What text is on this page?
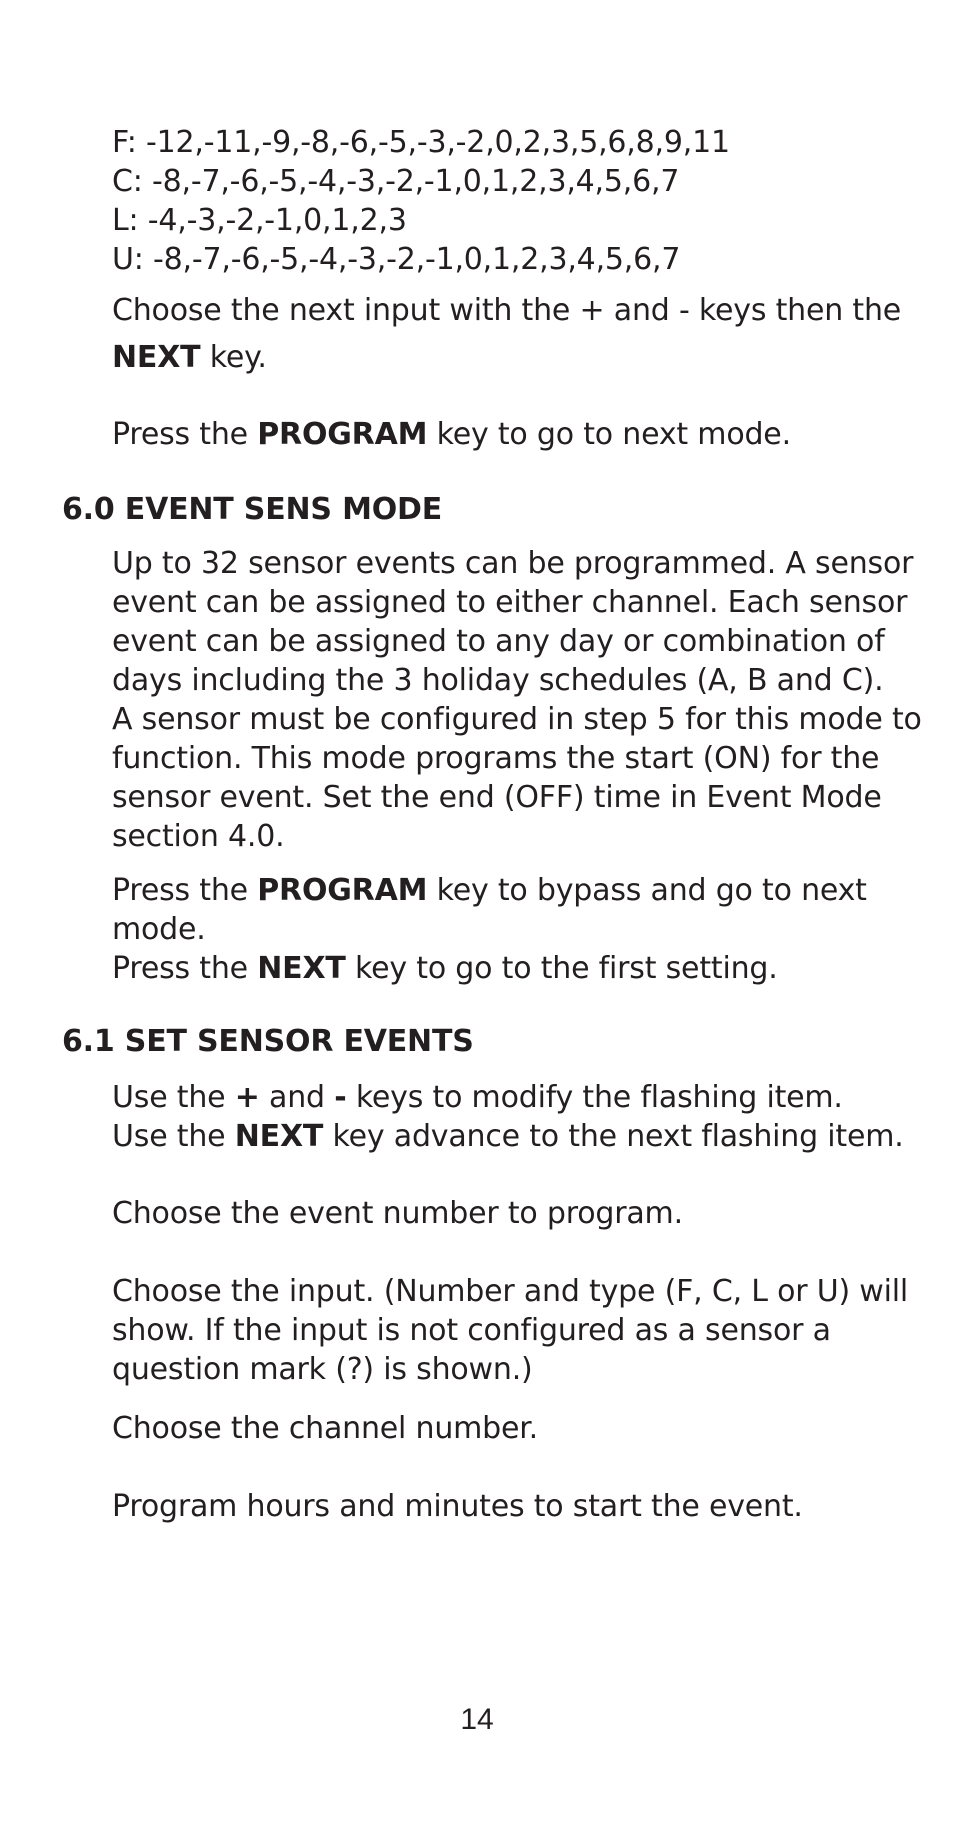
F: -12,-11,-9,-8,-6,-5,-3,-2,0,2,3,5,6,8,9,11
C: -8,-7,-6,-5,-4,-3,-2,-1,0,1,2,3,4,5,6,7
L: -4,-3,-2,-1,0,1,2,3
U: -8,-7,-6,-5,-4,-3,-2,-1,0,1,2,3,4,5,6,7
Choose the next input with the + and - keys then the
NEXT key.
Press the PROGRAM key to go to next mode.
6.0 EVENT SENS MODE
Up to 32 sensor events can be programmed. A sensor
event can be assigned to either channel. Each sensor
event can be assigned to any day or combination of
days including the 3 holiday schedules (A, B and C).
A sensor must be configured in step 5 for this mode to
function. This mode programs the start (ON) for the
sensor event. Set the end (OFF) time in Event Mode
section 4.0.
Press the PROGRAM key to bypass and go to next
mode.
Press the NEXT key to go to the first setting.
6.1 SET SENSOR EVENTS
Use the + and - keys to modify the flashing item.
Use the NEXT key advance to the next flashing item.
Choose the event number to program.
Choose the input. (Number and type (F, C, L or U) will
show. If the input is not configured as a sensor a
question mark (?) is shown.)
Choose the channel number.
Program hours and minutes to start the event.
14
